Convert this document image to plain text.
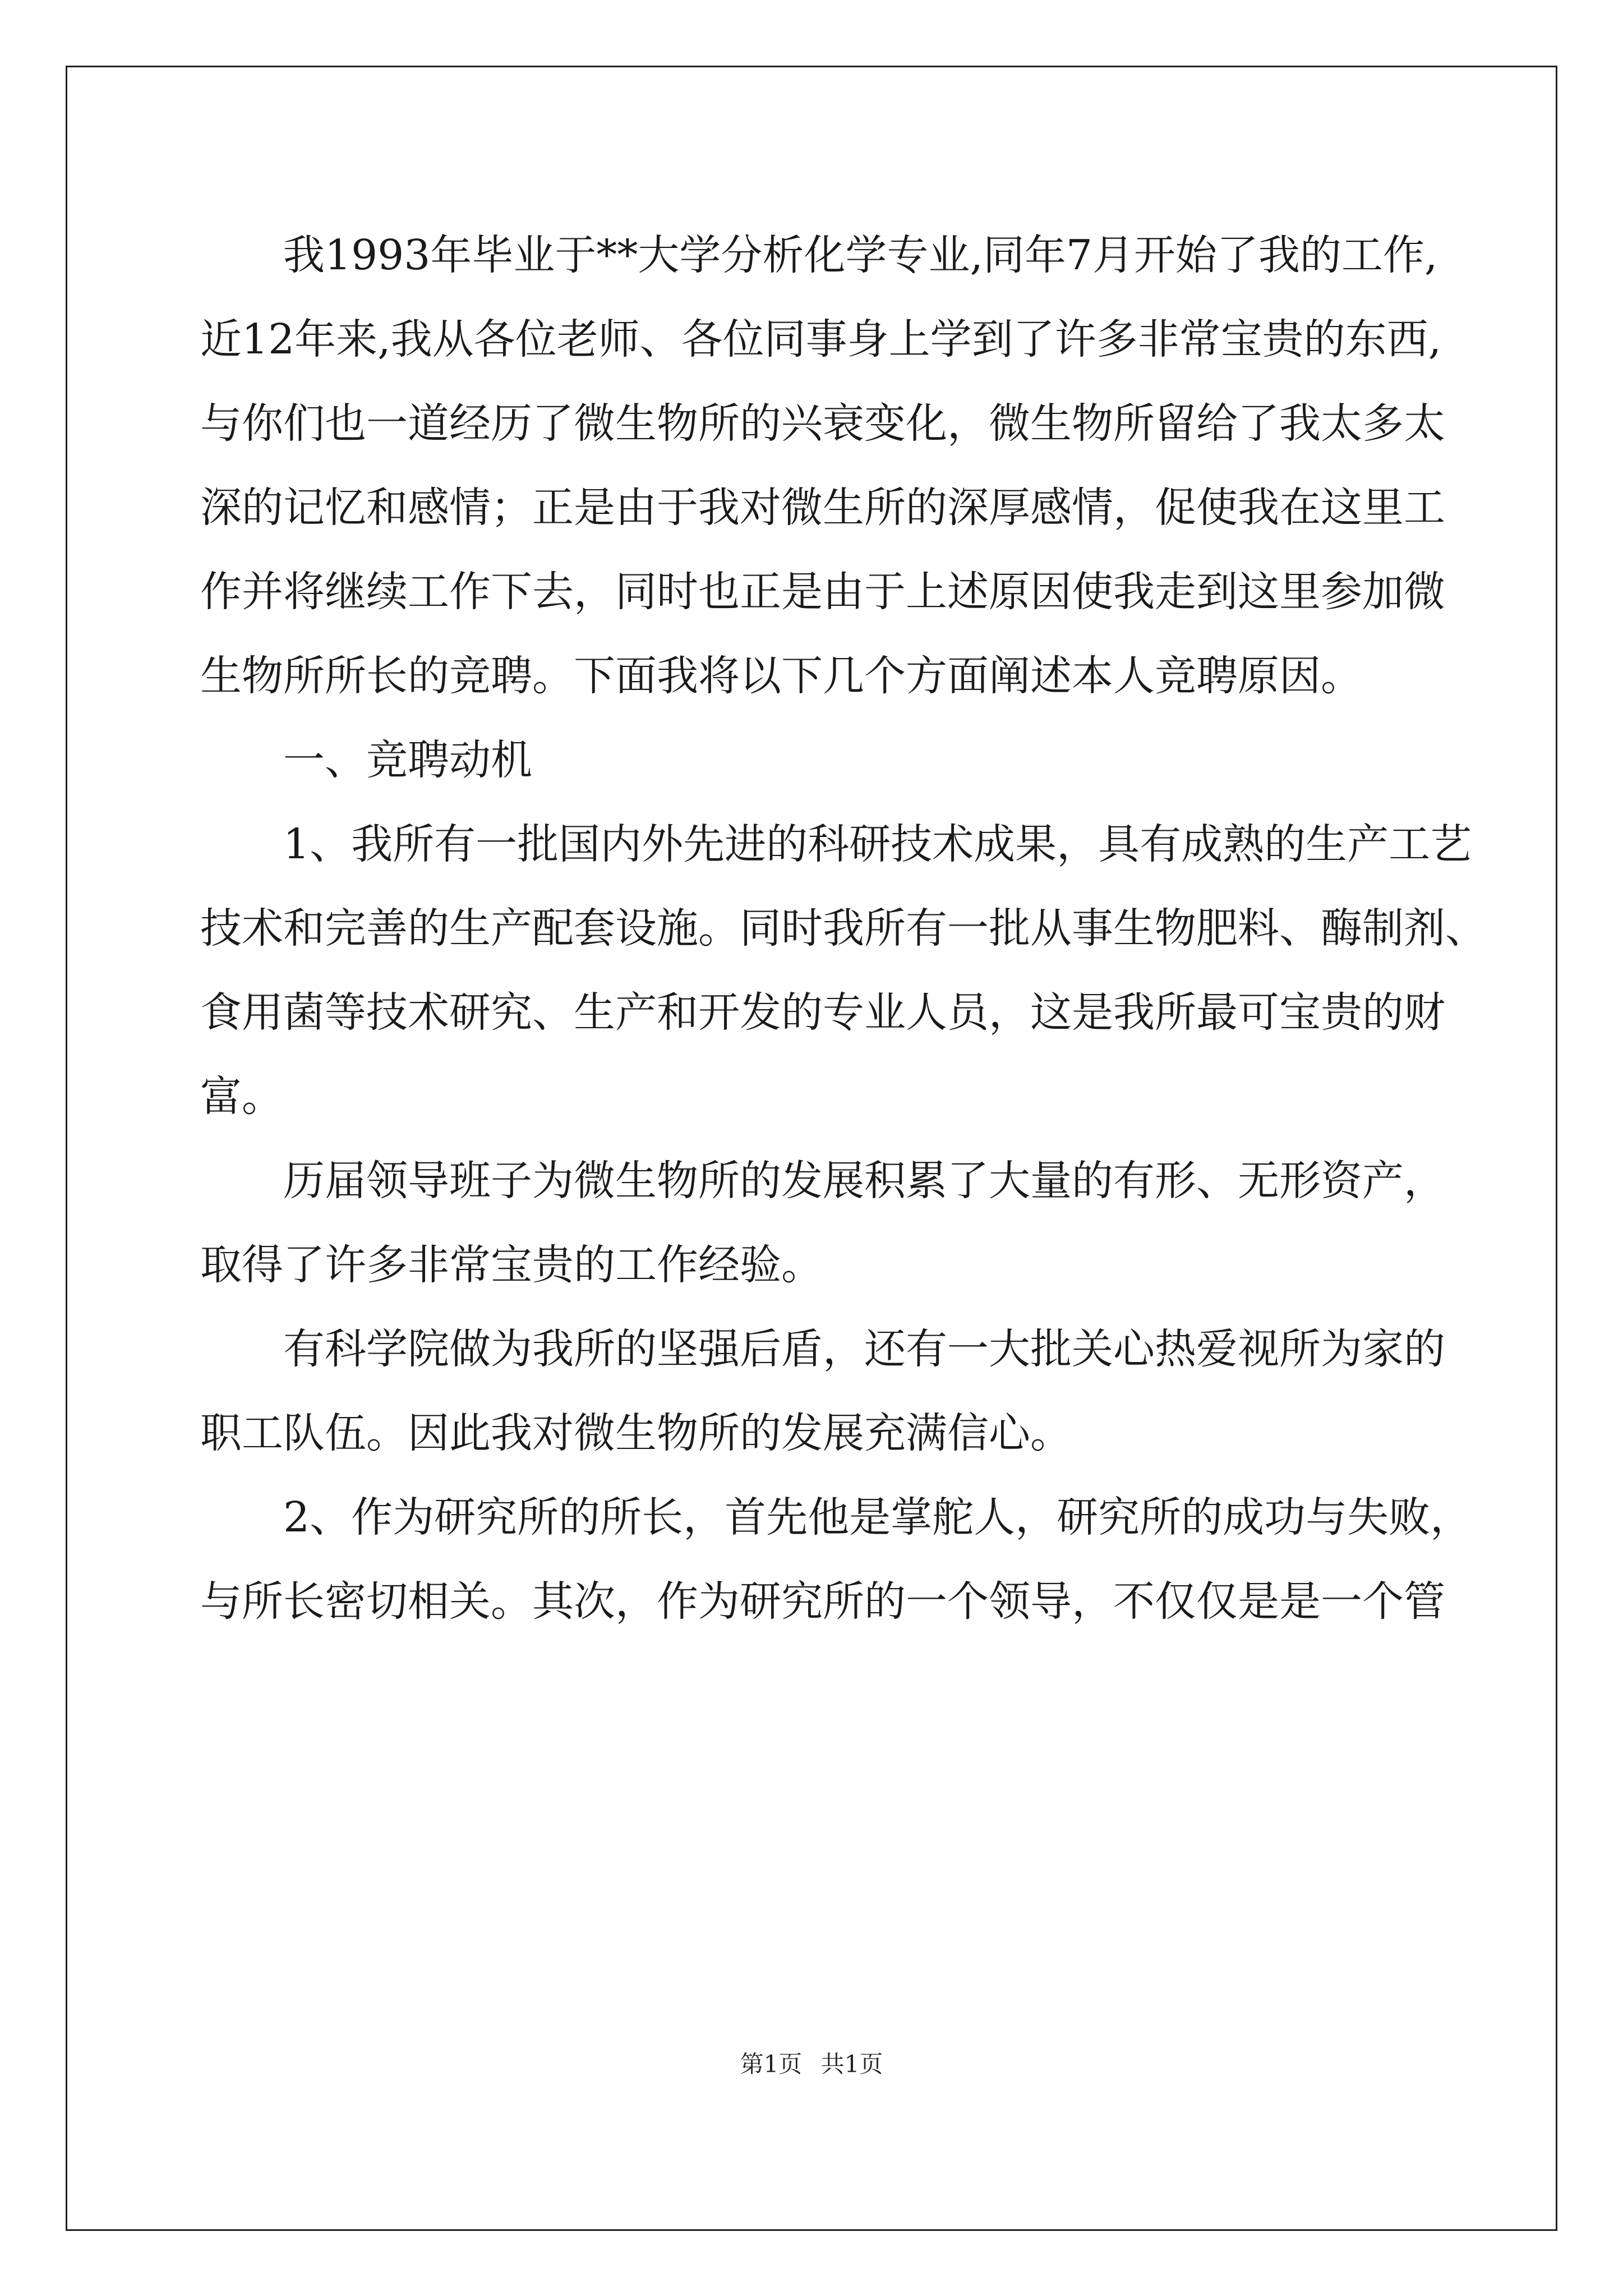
我1993年毕业于**大学分析化学专业,同年7月开始了我的工作,
近12年来,我从各位老师、各位同事身上学到了许多非常宝贵的东西,
与你们也一道经历了微生物所的兴衰变化，微生物所留给了我太多太
深的记忆和感情；正是由于我对微生所的深厚感情，促使我在这里工
作并将继续工作下去，同时也正是由于上述原因使我走到这里参加微
生物所所长的竞聘。下面我将以下几个方面阐述本人竞聘原因。
一、竞聘动机
1、我所有一批国内外先进的科研技术成果，具有成熟的生产工艺
技术和完善的生产配套设施。同时我所有一批从事生物肥料、酶制剂、
食用菌等技术研究、生产和开发的专业人员，这是我所最可宝贵的财
富。
历届领导班子为微生物所的发展积累了大量的有形、无形资产，
取得了许多非常宝贵的工作经验。
有科学院做为我所的坚强后盾，还有一大批关心热爱视所为家的
职工队伍。因此我对微生物所的发展充满信心。
2、作为研究所的所长，首先他是掌舵人，研究所的成功与失败，
与所长密切相关。其次，作为研究所的一个领导，不仅仅是是一个管
第1页 共1页
